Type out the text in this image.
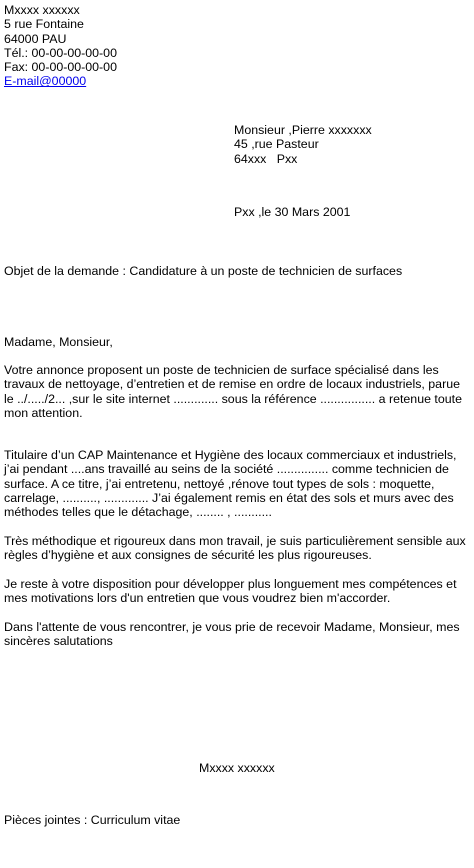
Mxxxx xxxxxx
5 rue Fontaine
64000 PAU
Tél.: 00-00-00-00-00
Fax: 00-00-00-00-00
E-mail@00000
Monsieur ,Pierre xxxxxxx
45 ,rue Pasteur
64xxx   Pxx
Pxx ,le 30 Mars 2001
Objet de la demande : Candidature à un poste de technicien de surfaces
Madame, Monsieur,
Votre annonce proposent un poste de technicien de surface spécialisé dans les
travaux de nettoyage, d’entretien et de remise en ordre de locaux industriels, parue
le ../...../2... ,sur le site internet ............. sous la référence ................ a retenue toute
mon attention.
Titulaire d’un CAP Maintenance et Hygiène des locaux commerciaux et industriels,
j’ai pendant ....ans travaillé au seins de la société ............... comme technicien de
surface. A ce titre, j’ai entretenu, nettoyé ,rénove tout types de sols : moquette,
carrelage, .........., ............. J’ai également remis en état des sols et murs avec des
méthodes telles que le détachage, ........ , ...........
Très méthodique et rigoureux dans mon travail, je suis particulièrement sensible aux
règles d’hygiène et aux consignes de sécurité les plus rigoureuses.
Je reste à votre disposition pour développer plus longuement mes compétences et
mes motivations lors d'un entretien que vous voudrez bien m'accorder.
Dans l'attente de vous rencontrer, je vous prie de recevoir Madame, Monsieur, mes
sincères salutations
Mxxxx xxxxxx
Pièces jointes : Curriculum vitae
